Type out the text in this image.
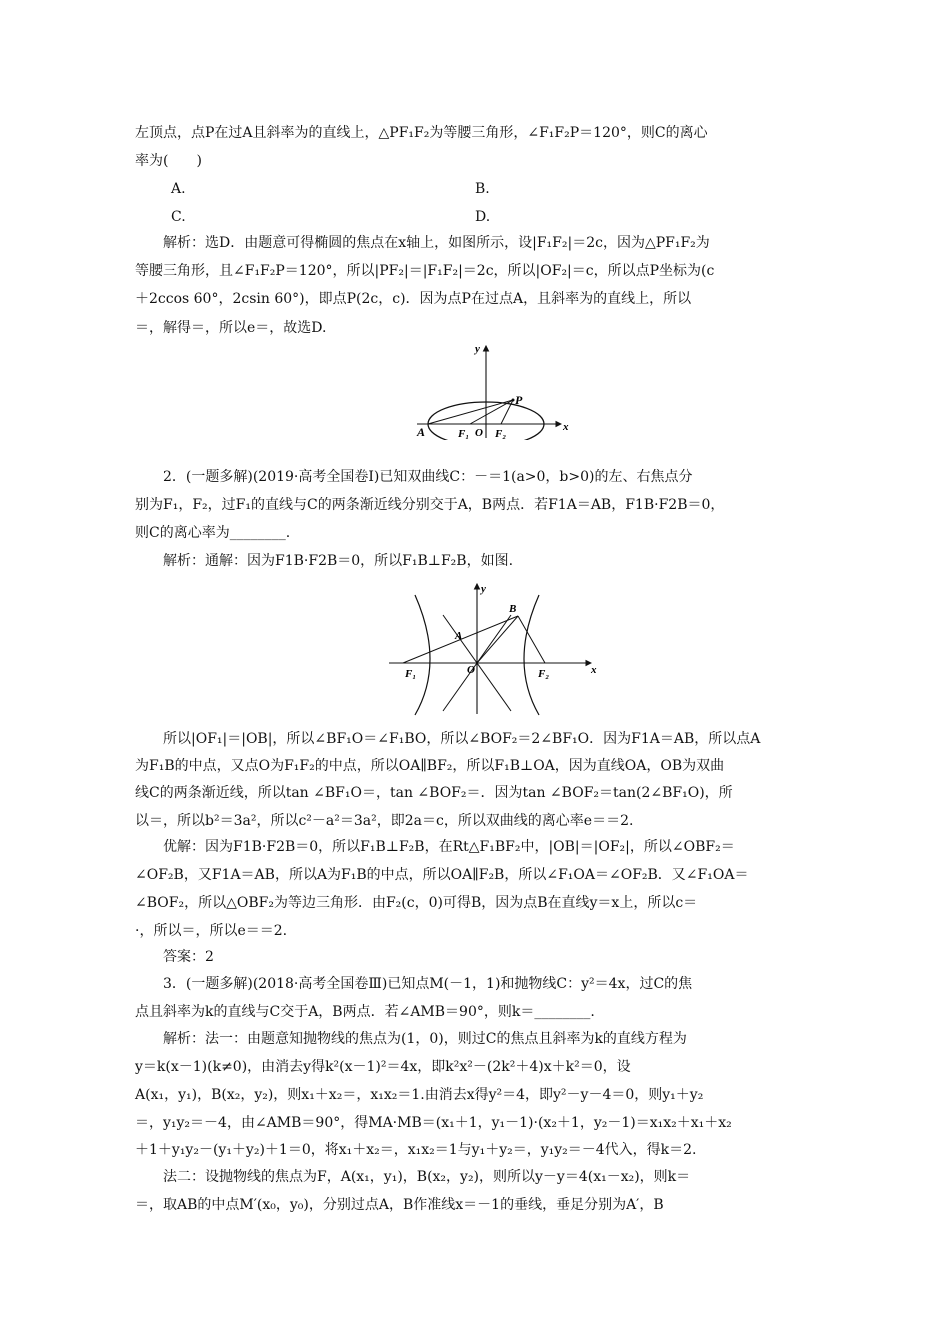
左顶点，点P在过A且斜率为的直线上，△PF₁F₂为等腰三角形，∠F₁F₂P＝120°，则C的离心
率为(　　)
A.	B.
C.	D.
解析：选D．由题意可得椭圆的焦点在x轴上，如图所示，设|F₁F₂|＝2c，因为△PF₁F₂为
等腰三角形，且∠F₁F₂P＝120°，所以|PF₂|＝|F₁F₂|＝2c，所以|OF₂|＝c，所以点P坐标为(c
＋2ccos 60°，2csin 60°)，即点P(2c，c)．因为点P在过点A，且斜率为的直线上，所以
＝，解得＝，所以e＝，故选D.
y
x
P
A	F₁ O F₂
2．(一题多解)(2019·高考全国卷Ⅰ)已知双曲线C：－＝1(a>0，b>0)的左、右焦点分
别为F₁，F₂，过F₁的直线与C的两条渐近线分别交于A，B两点．若F1A＝AB，F1B·F2B＝0，
则C的离心率为________.
解析：通解：因为F1B·F2B＝0，所以F₁B⊥F₂B，如图.
y
x
B
A
O
F₁	F₂
所以|OF₁|＝|OB|，所以∠BF₁O＝∠F₁BO，所以∠BOF₂＝2∠BF₁O．因为F1A＝AB，所以点A
为F₁B的中点，又点O为F₁F₂的中点，所以OA∥BF₂，所以F₁B⊥OA，因为直线OA，OB为双曲
线C的两条渐近线，所以tan ∠BF₁O＝，tan ∠BOF₂＝．因为tan ∠BOF₂＝tan(2∠BF₁O)，所
以＝，所以b²＝3a²，所以c²－a²＝3a²，即2a＝c，所以双曲线的离心率e＝＝2.
优解：因为F1B·F2B＝0，所以F₁B⊥F₂B，在Rt△F₁BF₂中，|OB|＝|OF₂|，所以∠OBF₂＝
∠OF₂B，又F1A＝AB，所以A为F₁B的中点，所以OA∥F₂B，所以∠F₁OA＝∠OF₂B．又∠F₁OA＝
∠BOF₂，所以△OBF₂为等边三角形．由F₂(c，0)可得B，因为点B在直线y＝x上，所以c＝
·，所以＝，所以e＝＝2.
答案：2
3．(一题多解)(2018·高考全国卷Ⅲ)已知点M(－1，1)和抛物线C：y²＝4x，过C的焦
点且斜率为k的直线与C交于A，B两点．若∠AMB＝90°，则k＝________.
解析：法一：由题意知抛物线的焦点为(1，0)，则过C的焦点且斜率为k的直线方程为
y＝k(x－1)(k≠0)，由消去y得k²(x－1)²＝4x，即k²x²－(2k²＋4)x＋k²＝0，设
A(x₁，y₁)，B(x₂，y₂)，则x₁＋x₂＝，x₁x₂＝1.由消去x得y²＝4，即y²－y－4＝0，则y₁＋y₂
＝，y₁y₂＝－4，由∠AMB＝90°，得MA·MB＝(x₁＋1，y₁－1)·(x₂＋1，y₂－1)＝x₁x₂＋x₁＋x₂
＋1＋y₁y₂－(y₁＋y₂)＋1＝0，将x₁＋x₂＝，x₁x₂＝1与y₁＋y₂＝，y₁y₂＝－4代入，得k＝2.
法二：设抛物线的焦点为F，A(x₁，y₁)，B(x₂，y₂)，则所以y－y＝4(x₁－x₂)，则k＝
＝，取AB的中点M′(x₀，y₀)，分别过点A，B作准线x＝－1的垂线，垂足分别为A′，B
